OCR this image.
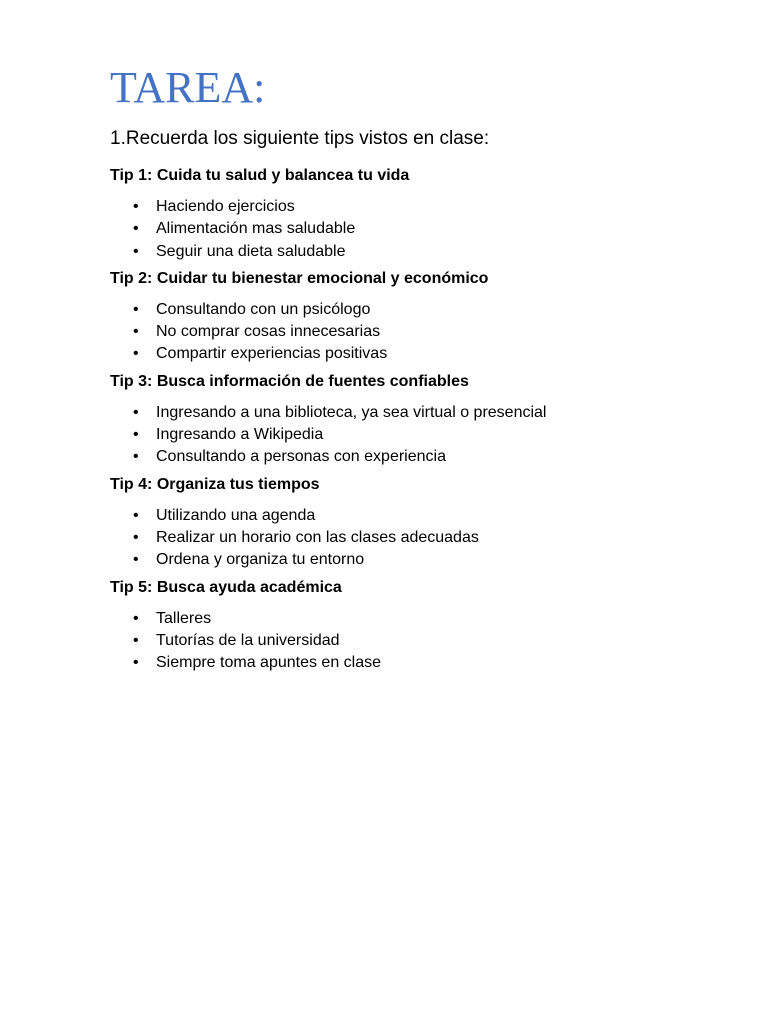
TAREA:

1.Recuerda los siguiente tips vistos en clase:

Tip 1: Cuida tu salud y balancea tu vida

• Haciendo ejercicios
• Alimentación mas saludable
• Seguir una dieta saludable

Tip 2: Cuidar tu bienestar emocional y económico

• Consultando con un psicólogo
• No comprar cosas innecesarias
• Compartir experiencias positivas

Tip 3: Busca información de fuentes confiables

• Ingresando a una biblioteca, ya sea virtual o presencial
• Ingresando a Wikipedia
• Consultando a personas con experiencia

Tip 4: Organiza tus tiempos

• Utilizando una agenda
• Realizar un horario con las clases adecuadas
• Ordena y organiza tu entorno

Tip 5: Busca ayuda académica

• Talleres
• Tutorías de la universidad
• Siempre toma apuntes en clase
